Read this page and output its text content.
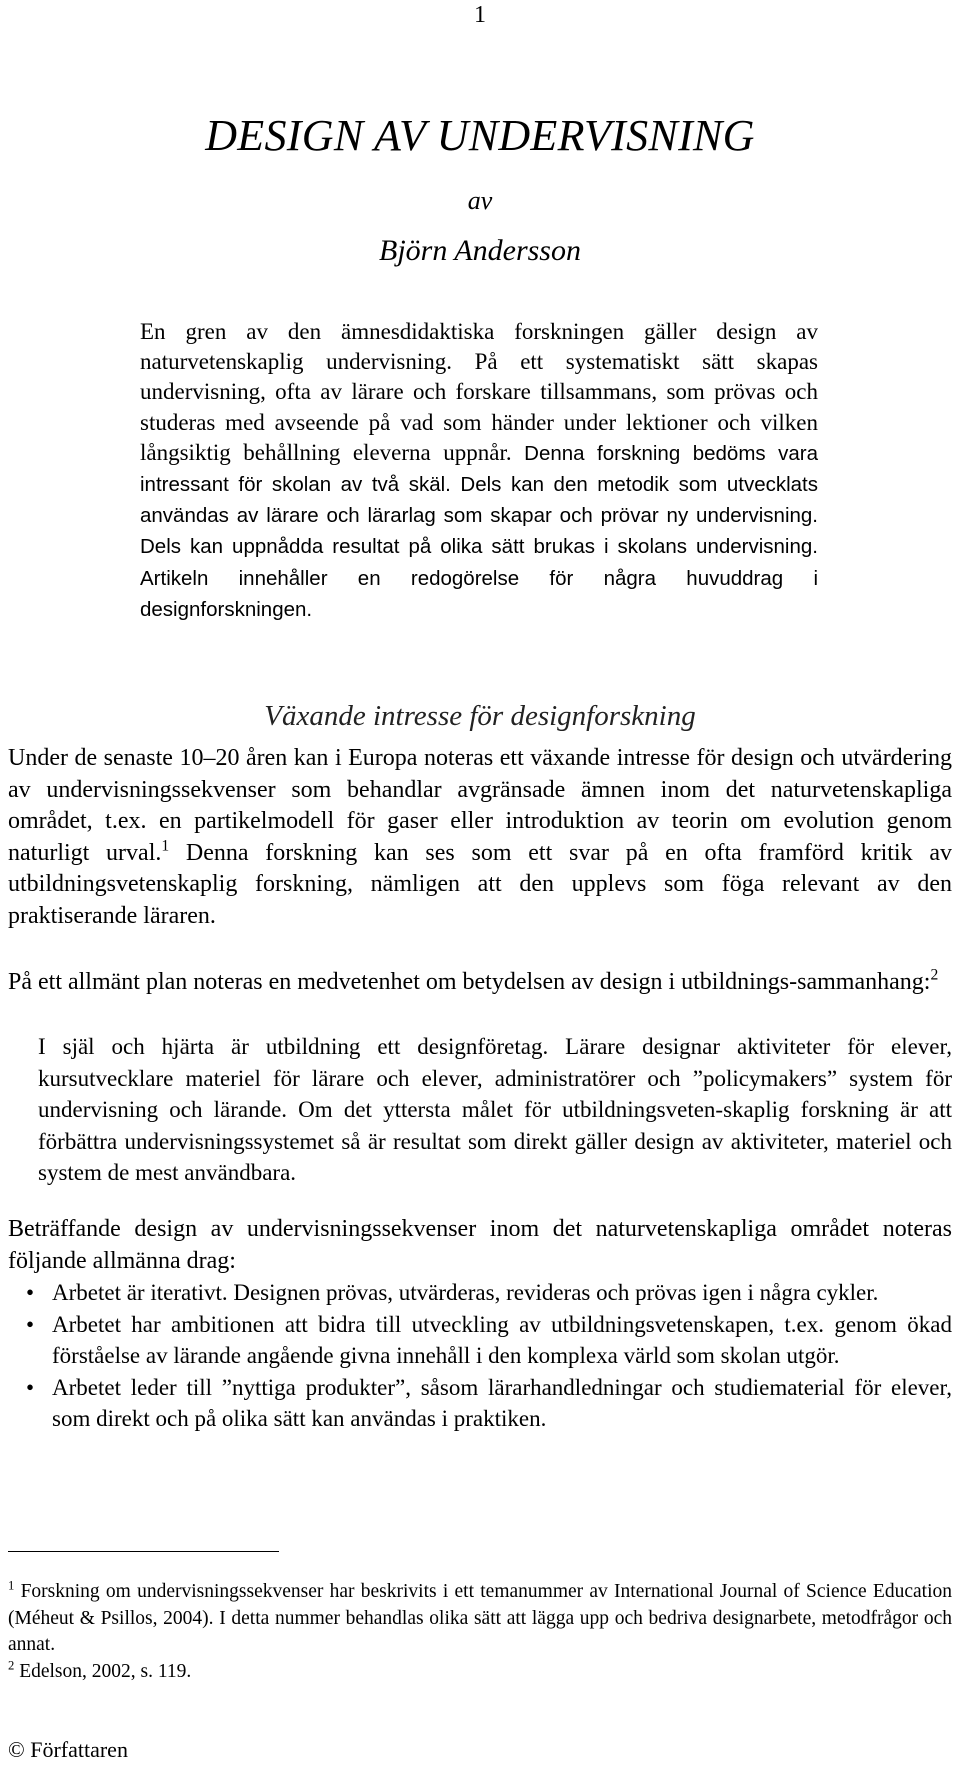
1
DESIGN AV UNDERVISNING
av
Björn Andersson

En gren av den ämnesdidaktiska forskningen gäller design av naturvetenskaplig undervisning. På ett systematiskt sätt skapas undervisning, ofta av lärare och forskare tillsammans, som prövas och studeras med avseende på vad som händer under lektioner och vilken långsiktig behållning eleverna uppnår. Denna forskning bedöms vara intressant för skolan av två skäl. Dels kan den metodik som utvecklats användas av lärare och lärarlag som skapar och prövar ny undervisning. Dels kan uppnådda resultat på olika sätt brukas i skolans undervisning. Artikeln innehåller en redogörelse för några huvuddrag i designforskningen.

Växande intresse för designforskning

Under de senaste 10–20 åren kan i Europa noteras ett växande intresse för design och utvärdering av undervisningssekvenser som behandlar avgränsade ämnen inom det naturvetenskapliga området, t.ex. en partikelmodell för gaser eller introduktion av teorin om evolution genom naturligt urval.$^1$ Denna forskning kan ses som ett svar på en ofta framförd kritik av utbildningsvetenskaplig forskning, nämligen att den upplevs som föga relevant av den praktiserande läraren.

På ett allmänt plan noteras en medvetenhet om betydelsen av design i utbildnings-sammanhang:$^2$

I själ och hjärta är utbildning ett designföretag. Lärare designar aktiviteter för elever, kursutvecklare materiel för lärare och elever, administratörer och ”policymakers” system för undervisning och lärande. Om det yttersta målet för utbildningsveten-skaplig forskning är att förbättra undervisningssystemet så är resultat som direkt gäller design av aktiviteter, materiel och system de mest användbara.

Beträffande design av undervisningssekvenser inom det naturvetenskapliga området noteras följande allmänna drag:

• Arbetet är iterativt. Designen prövas, utvärderas, revideras och prövas igen i några cykler.
• Arbetet har ambitionen att bidra till utveckling av utbildningsvetenskapen, t.ex. genom ökad förståelse av lärande angående givna innehåll i den komplexa värld som skolan utgör.
• Arbetet leder till ”nyttiga produkter”, såsom lärarhandledningar och studiematerial för elever, som direkt och på olika sätt kan användas i praktiken.

$^1$ Forskning om undervisningssekvenser har beskrivits i ett temanummer av International Journal of Science Education (Méheut & Psillos, 2004). I detta nummer behandlas olika sätt att lägga upp och bedriva designarbete, metodfrågor och annat.

$^2$ Edelson, 2002, s. 119.

© Författaren
